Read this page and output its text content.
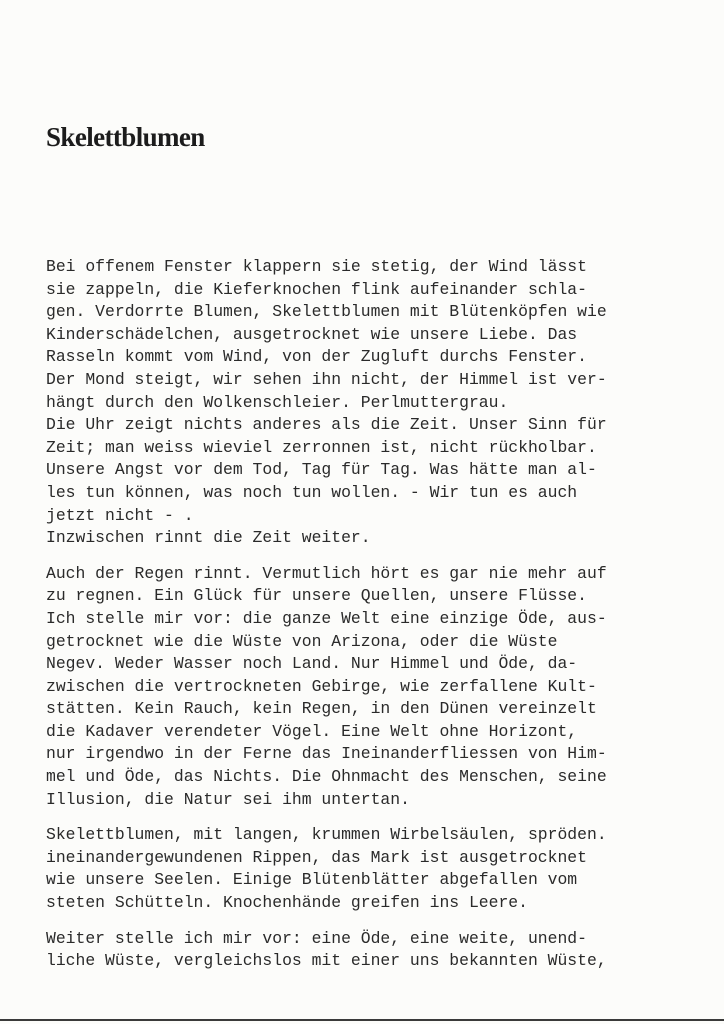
Skelettblumen
Bei offenem Fenster klappern sie stetig, der Wind lässt
sie zappeln, die Kieferknochen flink aufeinander schla-
gen. Verdorrte Blumen, Skelettblumen mit Blütenköpfen wie
Kinderschädelchen, ausgetrocknet wie unsere Liebe. Das
Rasseln kommt vom Wind, von der Zugluft durchs Fenster.
Der Mond steigt, wir sehen ihn nicht, der Himmel ist ver-
hängt durch den Wolkenschleier. Perlmuttergrau.
Die Uhr zeigt nichts anderes als die Zeit. Unser Sinn für
Zeit; man weiss wieviel zerronnen ist, nicht rückholbar.
Unsere Angst vor dem Tod, Tag für Tag. Was hätte man al-
les tun können, was noch tun wollen. - Wir tun es auch
jetzt nicht - .
Inzwischen rinnt die Zeit weiter.
Auch der Regen rinnt. Vermutlich hört es gar nie mehr auf
zu regnen. Ein Glück für unsere Quellen, unsere Flüsse.
Ich stelle mir vor: die ganze Welt eine einzige Öde, aus-
getrocknet wie die Wüste von Arizona, oder die Wüste
Negev. Weder Wasser noch Land. Nur Himmel und Öde, da-
zwischen die vertrockneten Gebirge, wie zerfallene Kult-
stätten. Kein Rauch, kein Regen, in den Dünen vereinzelt
die Kadaver verendeter Vögel. Eine Welt ohne Horizont,
nur irgendwo in der Ferne das Ineinanderfliessen von Him-
mel und Öde, das Nichts. Die Ohnmacht des Menschen, seine
Illusion, die Natur sei ihm untertan.
Skelettblumen, mit langen, krummen Wirbelsäulen, spröden.
ineinandergewundenen Rippen, das Mark ist ausgetrocknet
wie unsere Seelen. Einige Blütenblätter abgefallen vom
steten Schütteln. Knochenhände greifen ins Leere.
Weiter stelle ich mir vor: eine Öde, eine weite, unend-
liche Wüste, vergleichslos mit einer uns bekannten Wüste,
